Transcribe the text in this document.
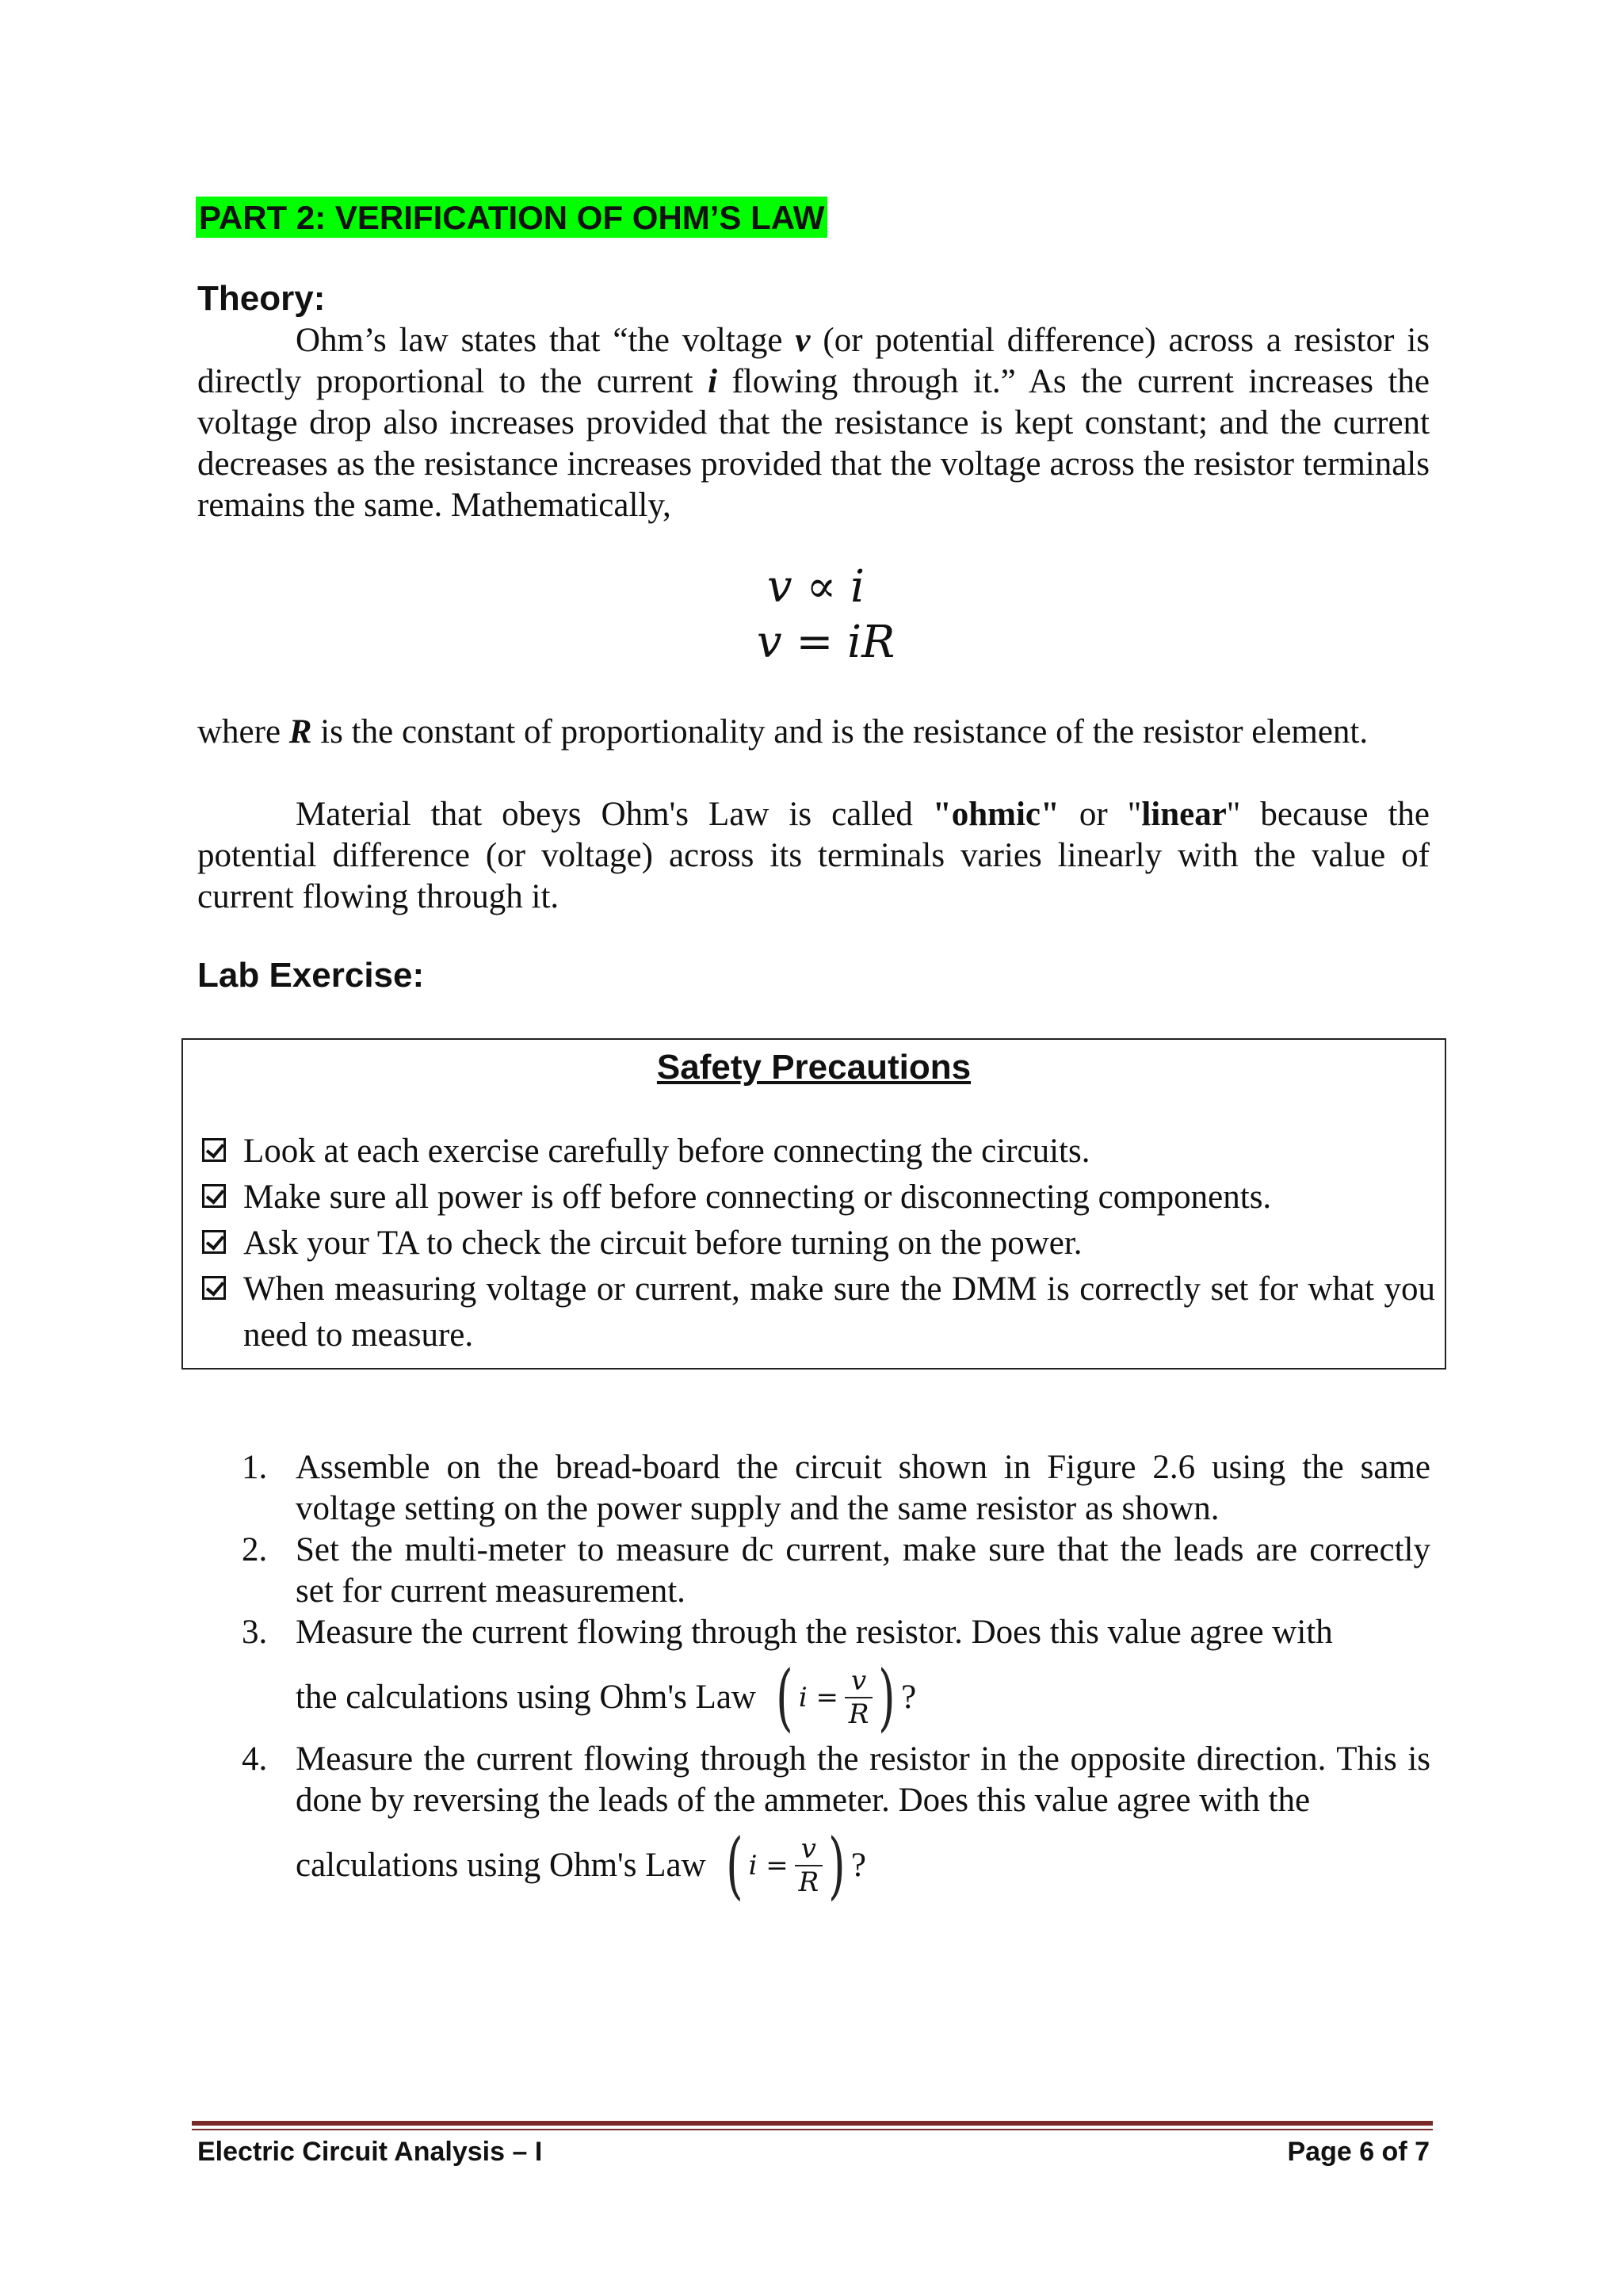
PART 2: VERIFICATION OF OHM’S LAW
Theory:
Ohm’s law states that “the voltage v (or potential difference) across a resistor is directly proportional to the current i flowing through it.” As the current increases the voltage drop also increases provided that the resistance is kept constant; and the current decreases as the resistance increases provided that the voltage across the resistor terminals remains the same. Mathematically,
v ∝ i
v = iR
where R is the constant of proportionality and is the resistance of the resistor element.
Material that obeys Ohm's Law is called "ohmic" or "linear" because the potential difference (or voltage) across its terminals varies linearly with the value of current flowing through it.
Lab Exercise:
Safety Precautions
Look at each exercise carefully before connecting the circuits.
Make sure all power is off before connecting or disconnecting components.
Ask your TA to check the circuit before turning on the power.
When measuring voltage or current, make sure the DMM is correctly set for what you need to measure.
1. Assemble on the bread-board the circuit shown in Figure 2.6 using the same voltage setting on the power supply and the same resistor as shown.
2. Set the multi-meter to measure dc current, make sure that the leads are correctly set for current measurement.
3. Measure the current flowing through the resistor. Does this value agree with
the calculations using Ohm's Law ( $i = \frac{v}{R}$ ) ?
4. Measure the current flowing through the resistor in the opposite direction. This is done by reversing the leads of the ammeter. Does this value agree with the
calculations using Ohm's Law ( $i = \frac{v}{R}$ ) ?
Electric Circuit Analysis – I	Page 6 of 7
